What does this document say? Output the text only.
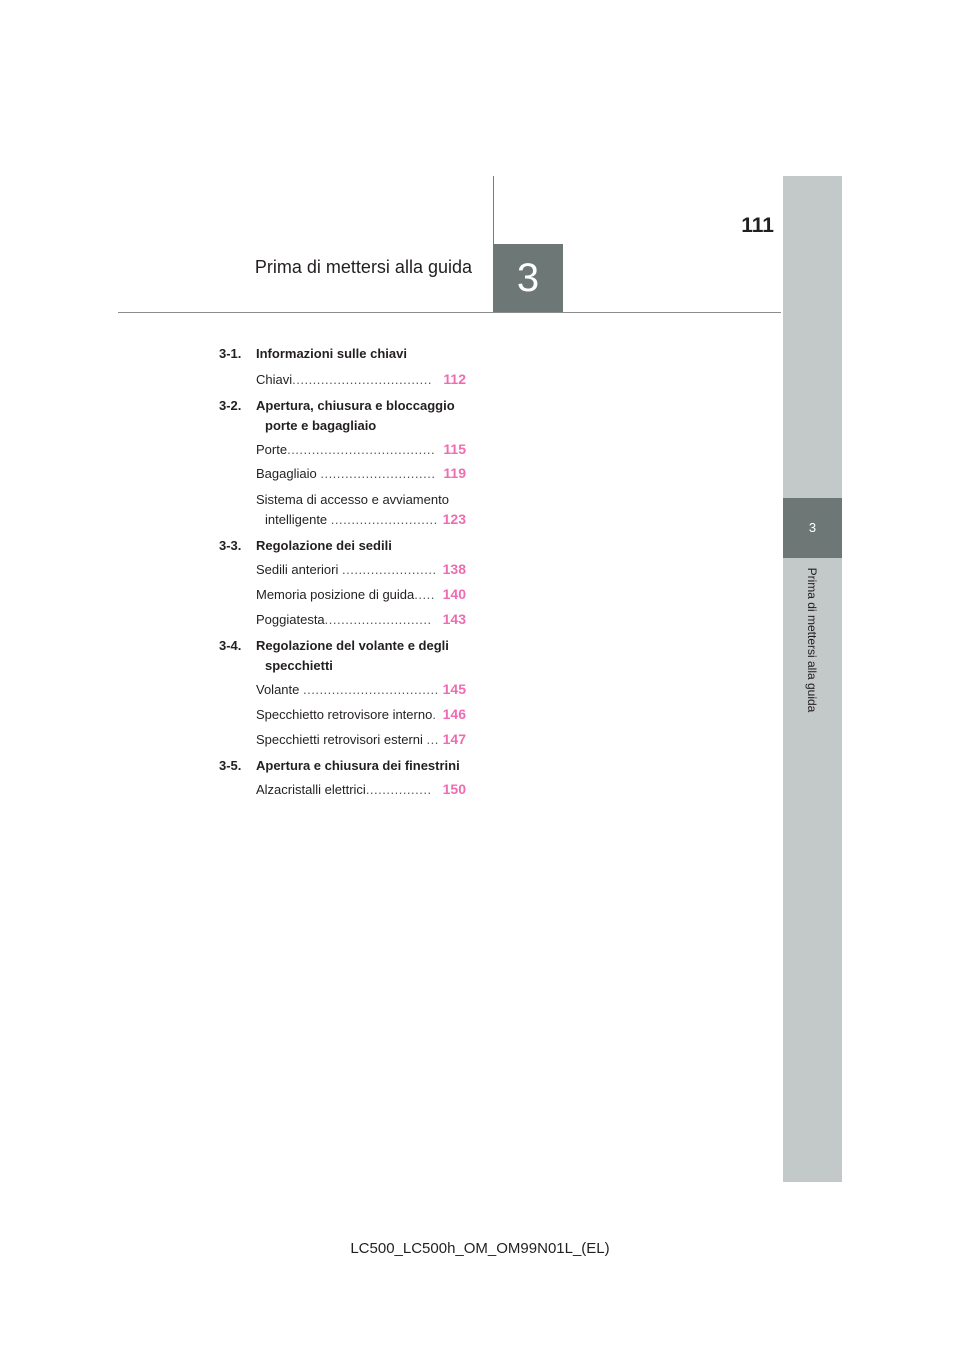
111
Prima di mettersi alla guida	3
3
Prima di mettersi alla guida
3-1. Informazioni sulle chiavi
Chiavi.................................. 112
3-2. Apertura, chiusura e bloccaggio
porte e bagagliaio
Porte.................................... 115
Bagagliaio ............................ 119
Sistema di accesso e avviamento
intelligente .......................... 123
3-3. Regolazione dei sedili
Sedili anteriori ....................... 138
Memoria posizione di guida..... 140
Poggiatesta.......................... 143
3-4. Regolazione del volante e degli
specchietti
Volante ................................. 145
Specchietto retrovisore interno. 146
Specchietti retrovisori esterni ... 147
3-5. Apertura e chiusura dei finestrini
Alzacristalli elettrici................ 150
LC500_LC500h_OM_OM99N01L_(EL)
